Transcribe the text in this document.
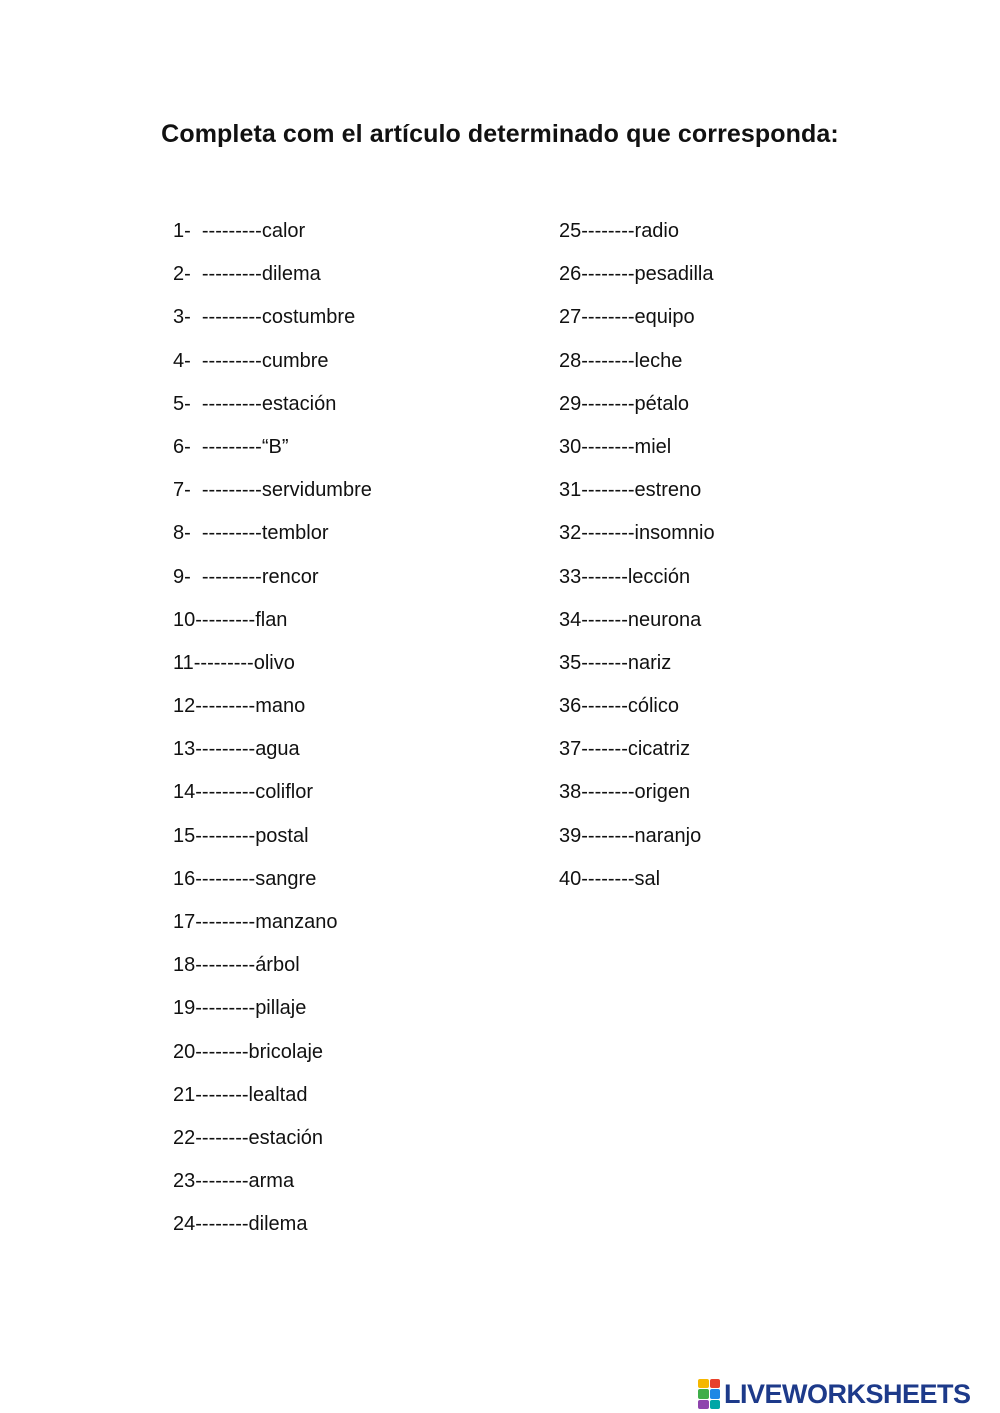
Completa com el artículo determinado que corresponda:
1-  ---------calor
2-  ---------dilema
3-  ---------costumbre
4-  ---------cumbre
5-  ---------estación
6-  ---------“B”
7-  ---------servidumbre
8-  ---------temblor
9-  ---------rencor
10---------flan
11---------olivo
12---------mano
13---------agua
14---------coliflor
15---------postal
16---------sangre
17---------manzano
18---------árbol
19---------pillaje
20--------bricolaje
21--------lealtad
22--------estación
23--------arma
24--------dilema
25--------radio
26--------pesadilla
27--------equipo
28--------leche
29--------pétalo
30--------miel
31--------estreno
32--------insomnio
33-------lección
34-------neurona
35-------nariz
36-------cólico
37-------cicatriz
38--------origen
39--------naranjo
40--------sal
LIVEWORKSHEETS
